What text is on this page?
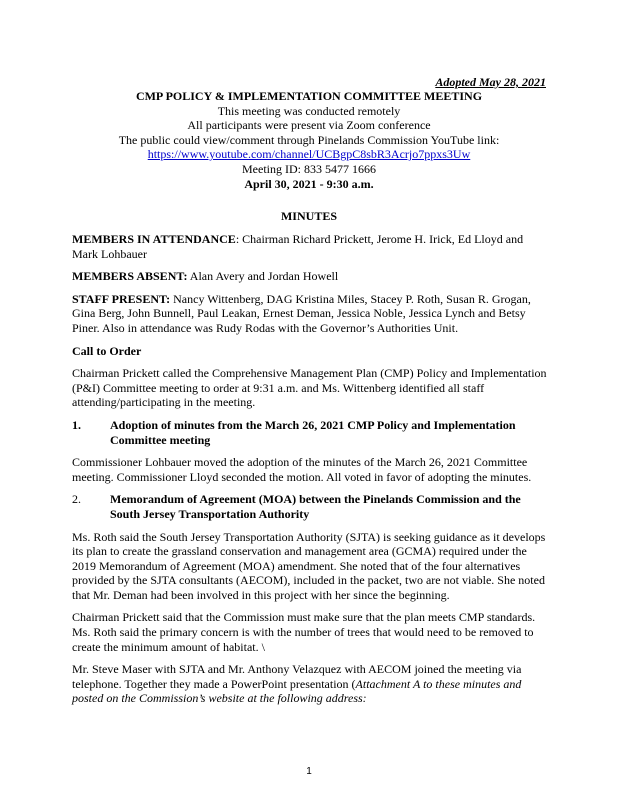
Adopted May 28, 2021
CMP POLICY & IMPLEMENTATION COMMITTEE MEETING
This meeting was conducted remotely
All participants were present via Zoom conference
The public could view/comment through Pinelands Commission YouTube link:
https://www.youtube.com/channel/UCBgpC8sbR3Acrjo7ppxs3Uw
Meeting ID: 833 5477 1666
April 30, 2021 - 9:30 a.m.
MINUTES

MEMBERS IN ATTENDANCE: Chairman Richard Prickett, Jerome H. Irick, Ed Lloyd and Mark Lohbauer

MEMBERS ABSENT: Alan Avery and Jordan Howell

STAFF PRESENT: Nancy Wittenberg, DAG Kristina Miles, Stacey P. Roth, Susan R. Grogan, Gina Berg, John Bunnell, Paul Leakan, Ernest Deman, Jessica Noble, Jessica Lynch and Betsy Piner. Also in attendance was Rudy Rodas with the Governor’s Authorities Unit.

Call to Order

Chairman Prickett called the Comprehensive Management Plan (CMP) Policy and Implementation (P&I) Committee meeting to order at 9:31 a.m. and Ms. Wittenberg identified all staff attending/participating in the meeting.

1.	Adoption of minutes from the March 26, 2021 CMP Policy and Implementation Committee meeting

Commissioner Lohbauer moved the adoption of the minutes of the March 26, 2021 Committee meeting. Commissioner Lloyd seconded the motion. All voted in favor of adopting the minutes.

2.	Memorandum of Agreement (MOA) between the Pinelands Commission and the South Jersey Transportation Authority

Ms. Roth said the South Jersey Transportation Authority (SJTA) is seeking guidance as it develops its plan to create the grassland conservation and management area (GCMA) required under the 2019 Memorandum of Agreement (MOA) amendment. She noted that of the four alternatives provided by the SJTA consultants (AECOM), included in the packet, two are not viable. She noted that Mr. Deman had been involved in this project with her since the beginning.

Chairman Prickett said that the Commission must make sure that the plan meets CMP standards. Ms. Roth said the primary concern is with the number of trees that would need to be removed to create the minimum amount of habitat. \

Mr. Steve Maser with SJTA and Mr. Anthony Velazquez with AECOM joined the meeting via telephone. Together they made a PowerPoint presentation (Attachment A to these minutes and posted on the Commission’s website at the following address:

1
